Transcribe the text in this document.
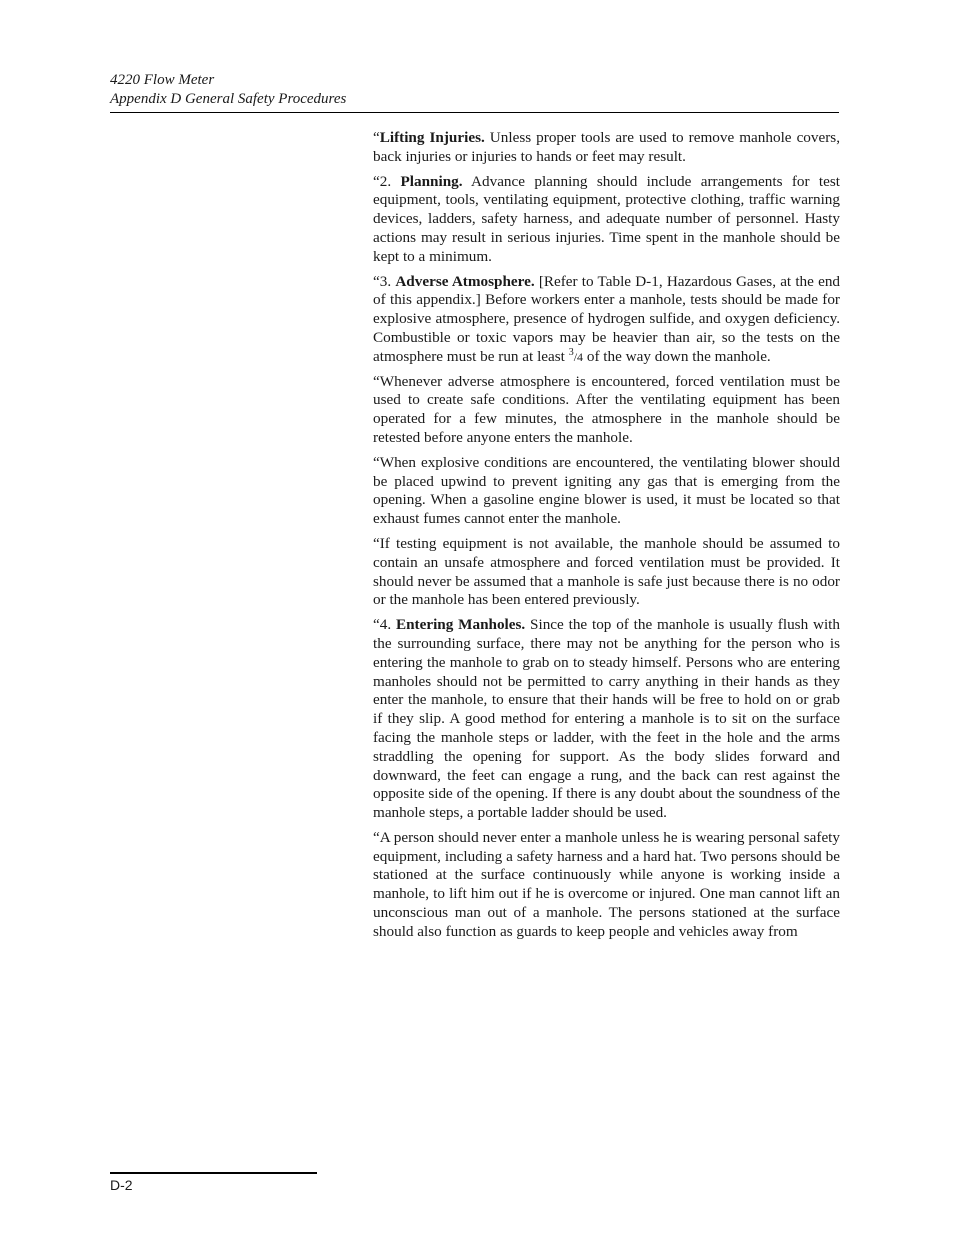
4220 Flow Meter
Appendix D General Safety Procedures

“Lifting Injuries. Unless proper tools are used to remove manhole covers, back injuries or injuries to hands or feet may result.

“2. Planning. Advance planning should include arrangements for test equipment, tools, ventilating equipment, protective clothing, traffic warning devices, ladders, safety harness, and adequate number of personnel. Hasty actions may result in serious injuries. Time spent in the manhole should be kept to a minimum.

“3. Adverse Atmosphere. [Refer to Table D-1, Hazardous Gases, at the end of this appendix.] Before workers enter a manhole, tests should be made for explosive atmosphere, presence of hydrogen sulfide, and oxygen deficiency. Combustible or toxic vapors may be heavier than air, so the tests on the atmosphere must be run at least $^3$/4 of the way down the manhole.

“Whenever adverse atmosphere is encountered, forced ventilation must be used to create safe conditions. After the ventilating equipment has been operated for a few minutes, the atmosphere in the manhole should be retested before anyone enters the manhole.

“When explosive conditions are encountered, the ventilating blower should be placed upwind to prevent igniting any gas that is emerging from the opening. When a gasoline engine blower is used, it must be located so that exhaust fumes cannot enter the manhole.

“If testing equipment is not available, the manhole should be assumed to contain an unsafe atmosphere and forced ventilation must be provided. It should never be assumed that a manhole is safe just because there is no odor or the manhole has been entered previously.

“4. Entering Manholes. Since the top of the manhole is usually flush with the surrounding surface, there may not be anything for the person who is entering the manhole to grab on to steady himself. Persons who are entering manholes should not be permitted to carry anything in their hands as they enter the manhole, to ensure that their hands will be free to hold on or grab if they slip. A good method for entering a manhole is to sit on the surface facing the manhole steps or ladder, with the feet in the hole and the arms straddling the opening for support. As the body slides forward and downward, the feet can engage a rung, and the back can rest against the opposite side of the opening. If there is any doubt about the soundness of the manhole steps, a portable ladder should be used.

“A person should never enter a manhole unless he is wearing personal safety equipment, including a safety harness and a hard hat. Two persons should be stationed at the surface continuously while anyone is working inside a manhole, to lift him out if he is overcome or injured. One man cannot lift an unconscious man out of a manhole. The persons stationed at the surface should also function as guards to keep people and vehicles away from

D-2
